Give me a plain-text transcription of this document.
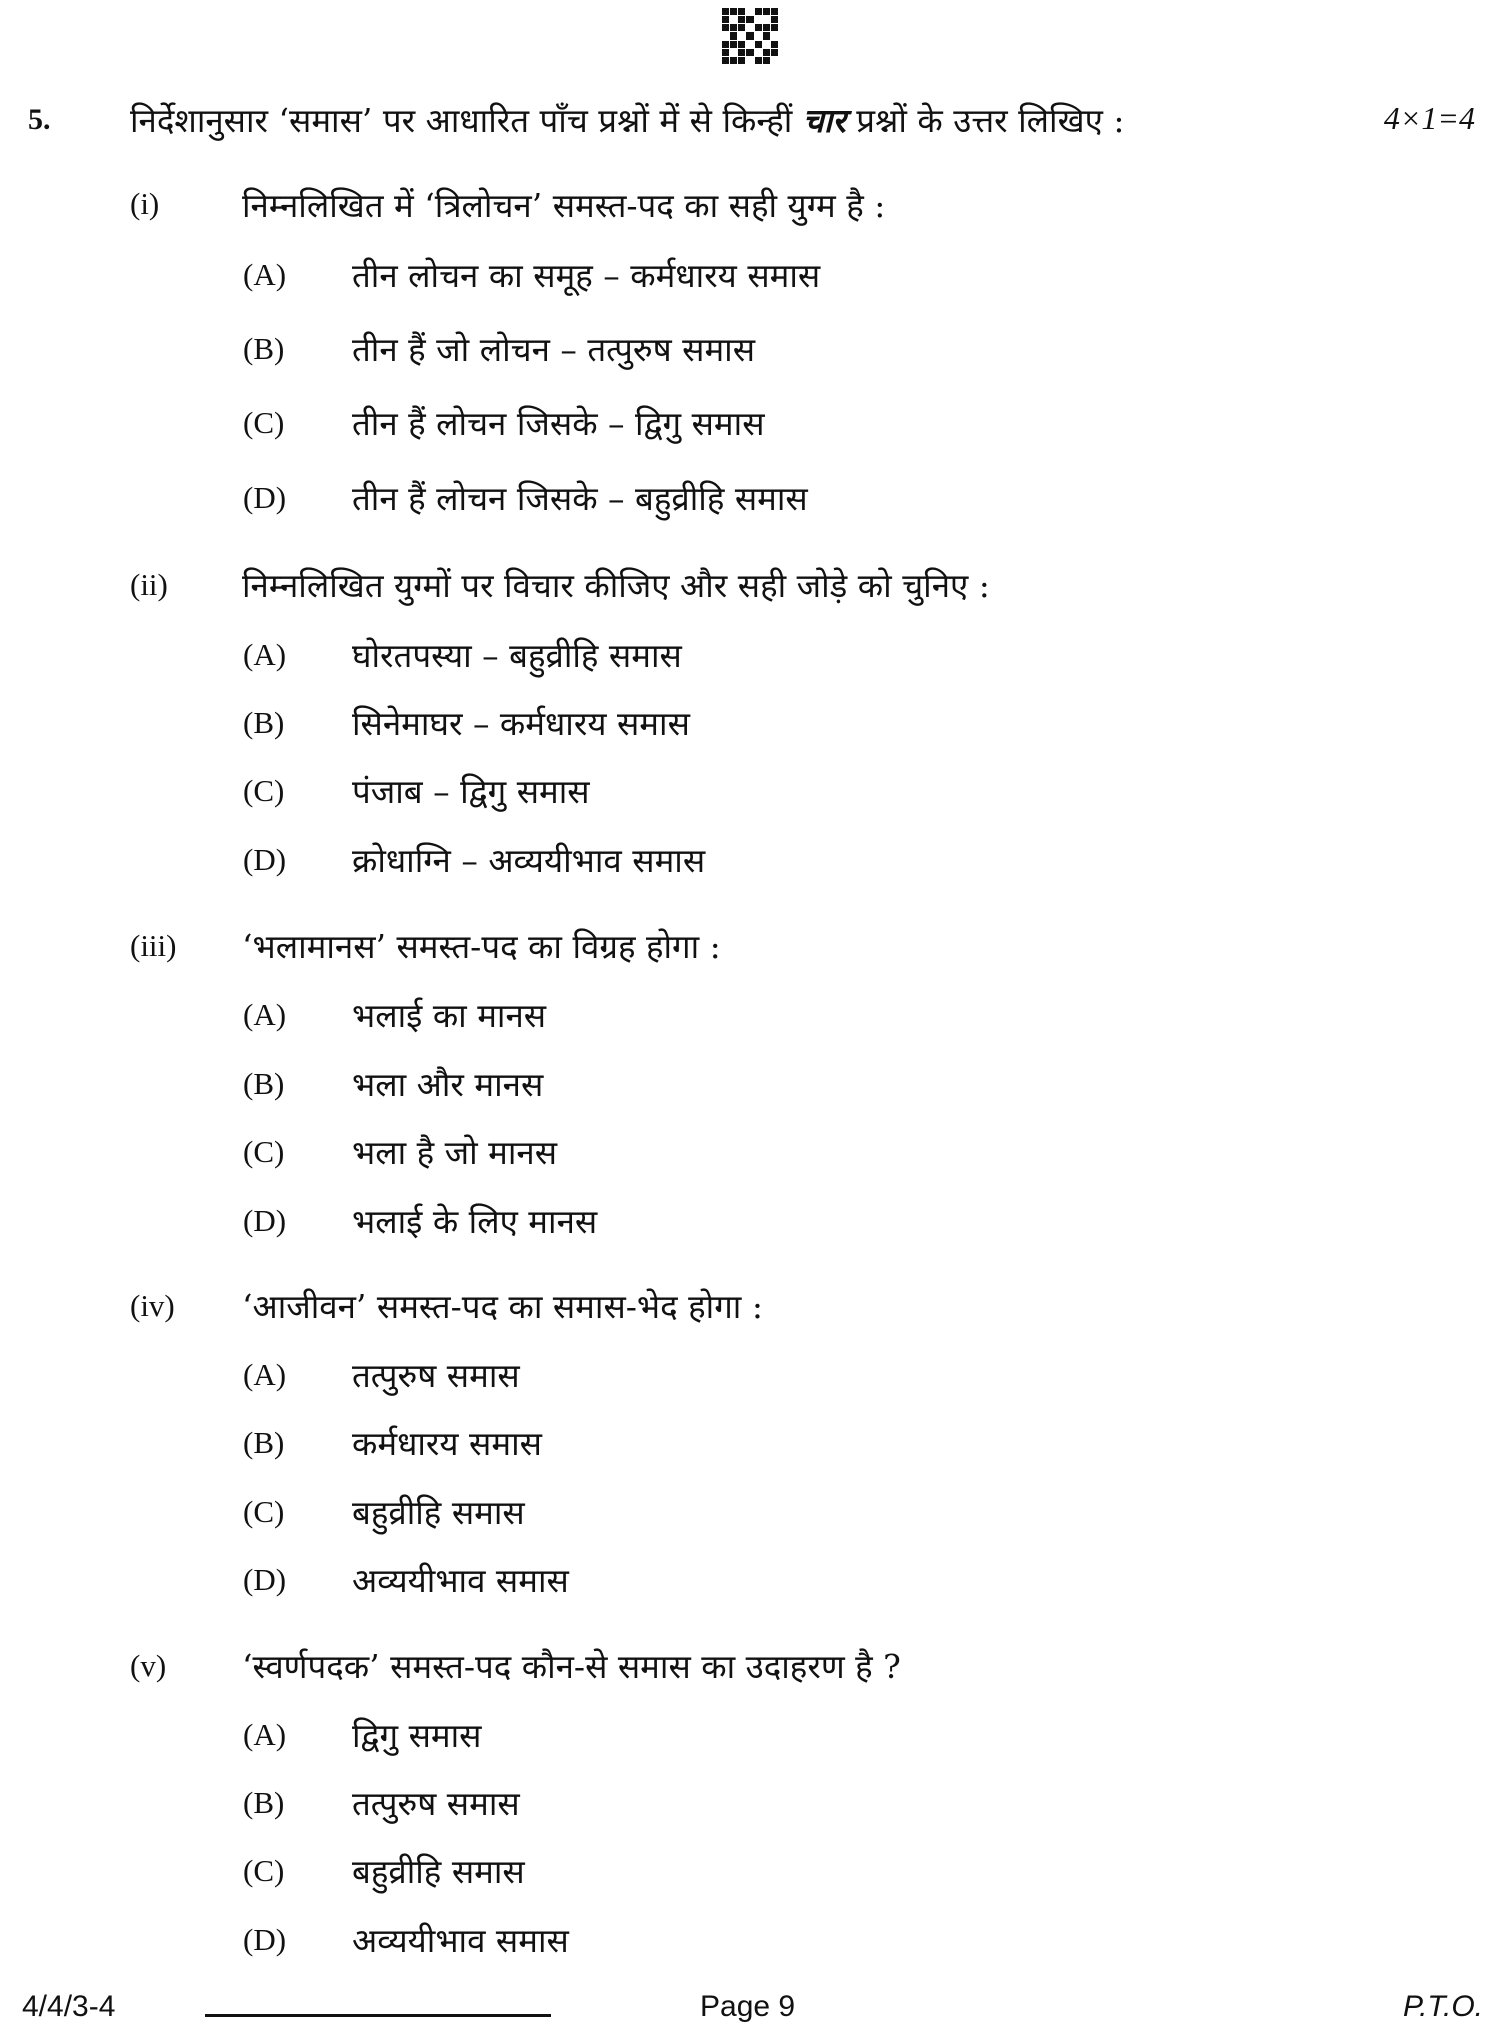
5. निर्देशानुसार ‘समास’ पर आधारित पाँच प्रश्नों में से किन्हीं चार प्रश्नों के उत्तर लिखिए :	4×1=4
(i)	निम्नलिखित में ‘त्रिलोचन’ समस्त-पद का सही युग्म है :
(A) तीन लोचन का समूह – कर्मधारय समास
(B) तीन हैं जो लोचन – तत्पुरुष समास
(C) तीन हैं लोचन जिसके – द्विगु समास
(D) तीन हैं लोचन जिसके – बहुव्रीहि समास
(ii) निम्नलिखित युग्मों पर विचार कीजिए और सही जोड़े को चुनिए :
(A) घोरतपस्या – बहुव्रीहि समास
(B) सिनेमाघर – कर्मधारय समास
(C) पंजाब – द्विगु समास
(D) क्रोधाग्नि – अव्ययीभाव समास
(iii) ‘भलामानस’ समस्त-पद का विग्रह होगा :
(A) भलाई का मानस
(B) भला और मानस
(C) भला है जो मानस
(D) भलाई के लिए मानस
(iv) ‘आजीवन’ समस्त-पद का समास-भेद होगा :
(A) तत्पुरुष समास
(B) कर्मधारय समास
(C) बहुव्रीहि समास
(D) अव्ययीभाव समास
(v) ‘स्वर्णपदक’ समस्त-पद कौन-से समास का उदाहरण है ?
(A) द्विगु समास
(B) तत्पुरुष समास
(C) बहुव्रीहि समास
(D) अव्ययीभाव समास
4/4/3-4	Page 9	P.T.O.
